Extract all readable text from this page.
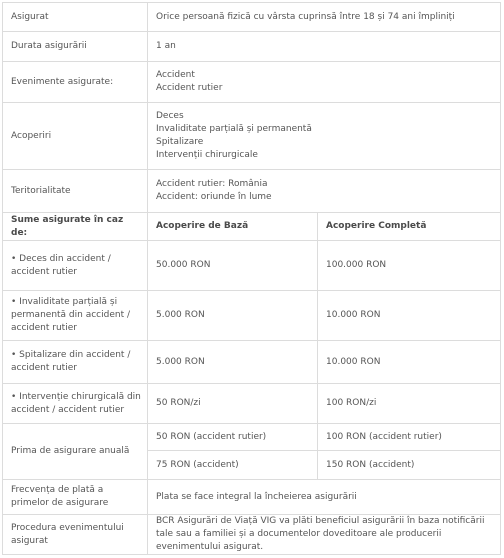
Asigurat	Orice persoană fizică cu vârsta cuprinsă între 18 și 74 ani împliniți	
Durata asigurării	1 an	
Evenimente asigurate:	Accident
Accident rutier	

Acoperiri	Deces
Invaliditate parțială și permanentă
Spitalizare
Intervenții chirurgicale	

Teritorialitate	Accident rutier: România
Accident: oriunde în lume	

Sume asigurate în caz de:	Acoperire de Bază	Acoperire Completă
• Deces din accident / accident rutier	50.000 RON	100.000 RON
• Invaliditate parțială și permanentă din accident / accident rutier	5.000 RON	10.000 RON
• Spitalizare din accident / accident rutier	5.000 RON	10.000 RON
• Intervenție chirurgicală din accident / accident rutier	50 RON/zi	100 RON/zi
Prima de asigurare anuală	50 RON (accident rutier)	100 RON (accident rutier)
	75 RON (accident)	150 RON (accident)
Frecvența de plată a primelor de asigurare	Plata se face integral la încheierea asigurării	
Procedura evenimentului asigurat	BCR Asigurări de Viață VIG va plăti beneficiul asigurării în baza notificării tale sau a familiei și a documentelor doveditoare ale producerii evenimentului asigurat.	
